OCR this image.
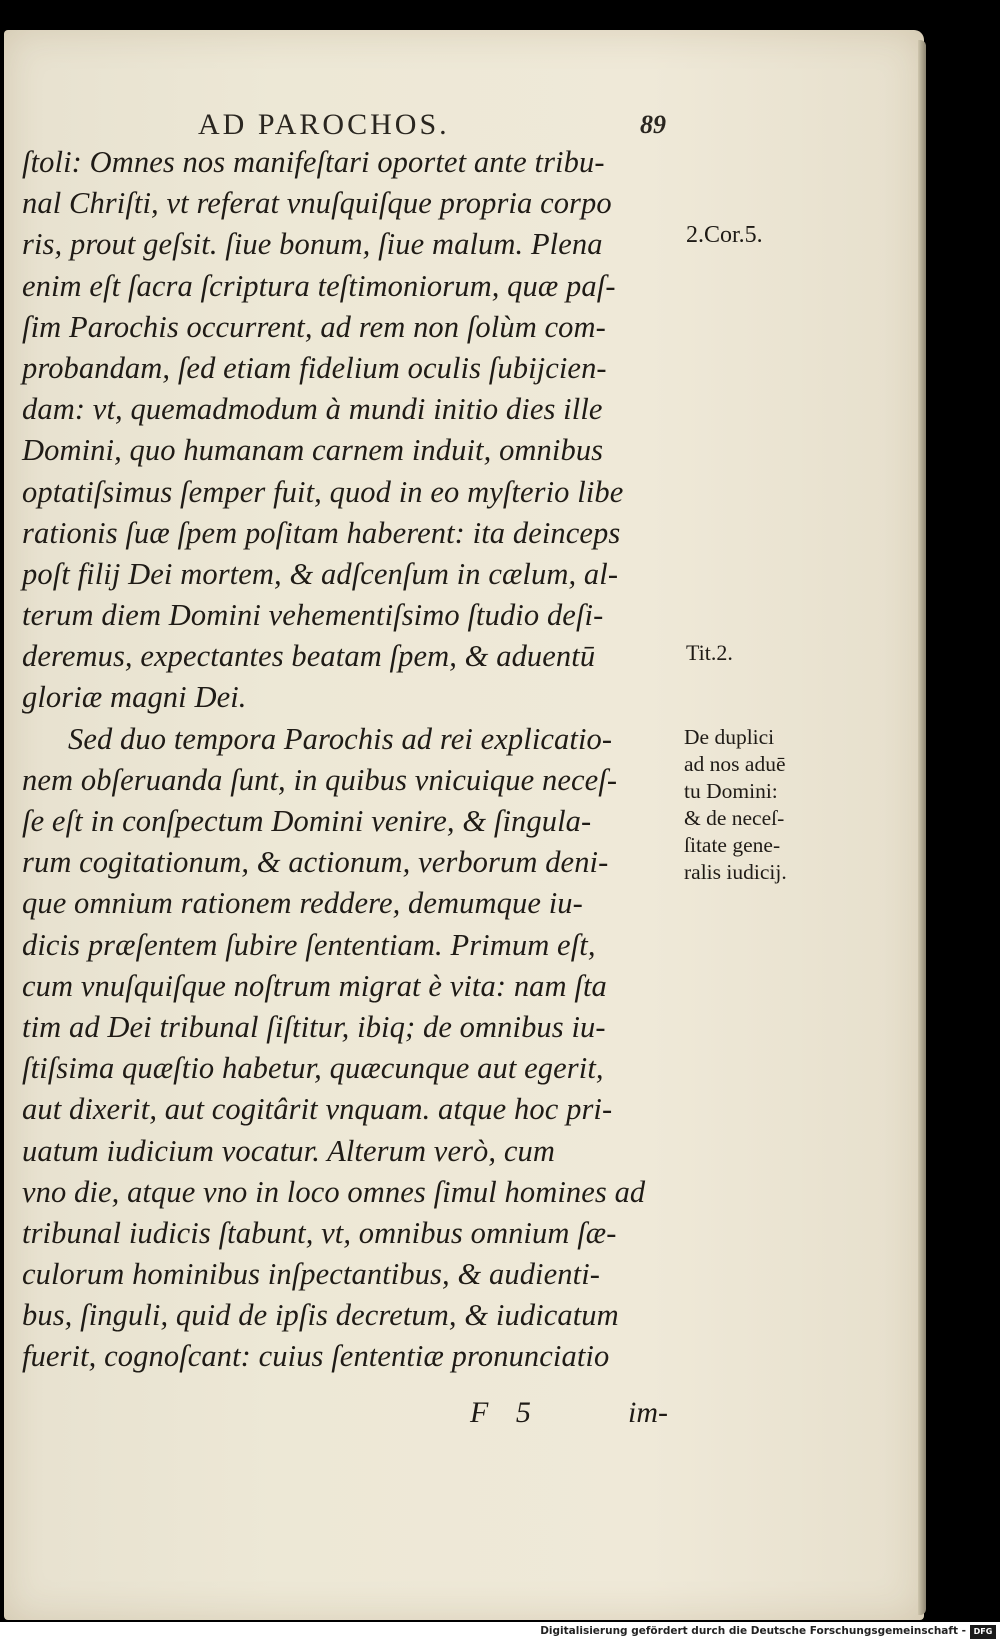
AD PAROCHOS.	89
ſtoli: Omnes nos manifeſtari oportet ante tribu-
nal Chriſti, vt referat vnuſquiſque propria corpo
ris, prout geſsit. ſiue bonum, ſiue malum. Plena
enim eſt ſacra ſcriptura teſtimoniorum, quæ paſ-
ſim Parochis occurrent, ad rem non ſolùm com-
probandam, ſed etiam fidelium oculis ſubijcien-
dam: vt, quemadmodum à mundi initio dies ille
Domini, quo humanam carnem induit, omnibus
optatiſsimus ſemper fuit, quod in eo myſterio libe
rationis ſuæ ſpem poſitam haberent: ita deinceps
poſt filij Dei mortem, & adſcenſum in cælum, al-
terum diem Domini vehementiſsimo ſtudio deſi-
deremus, expectantes beatam ſpem, & aduentū
gloriæ magni Dei.
Sed duo tempora Parochis ad rei explicatio-
nem obſeruanda ſunt, in quibus vnicuique neceſ-
ſe eſt in conſpectum Domini venire, & ſingula-
rum cogitationum, & actionum, verborum deni-
que omnium rationem reddere, demumque iu-
dicis præſentem ſubire ſententiam. Primum eſt,
cum vnuſquiſque noſtrum migrat è vita: nam ſta
tim ad Dei tribunal ſiſtitur, ibiq; de omnibus iu-
ſtiſsima quæſtio habetur, quæcunque aut egerit,
aut dixerit, aut cogitârit vnquam. atque hoc pri-
uatum iudicium vocatur. Alterum verò, cum
vno die, atque vno in loco omnes ſimul homines ad
tribunal iudicis ſtabunt, vt, omnibus omnium ſæ-
culorum hominibus inſpectantibus, & audienti-
bus, ſinguli, quid de ipſis decretum, & iudicatum
fuerit, cognoſcant: cuius ſententiæ pronunciatio
F 5	im-
2.Cor.5.
Tit.2.
De duplici
ad nos aduē
tu Domini:
& de neceſ-
ſitate gene-
ralis iudicij.
Digitalisierung gefördert durch die Deutsche Forschungsgemeinschaft - DFG
